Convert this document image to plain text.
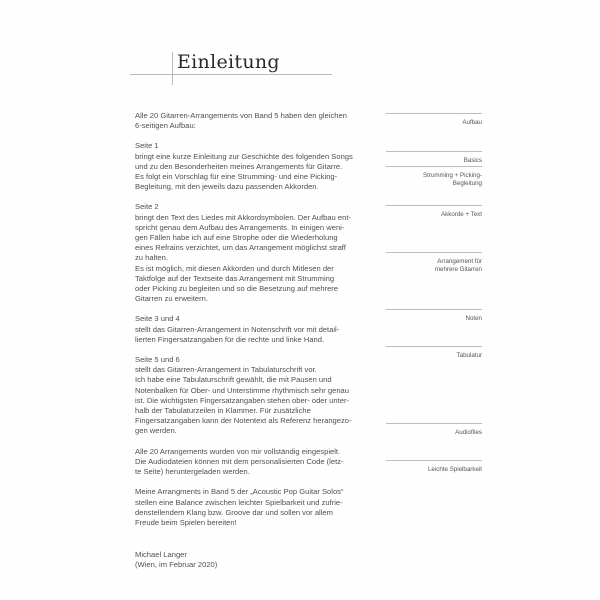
Einleitung
Alle 20 Gitarren-Arrangements von Band 5 haben den gleichen
6-seitigen Aufbau:
Seite 1
bringt eine kurze Einleitung zur Geschichte des folgenden Songs
und zu den Besonderheiten meines Arrangements für Gitarre.
Es folgt ein Vorschlag für eine Strumming- und eine Picking-
Begleitung, mit den jeweils dazu passenden Akkorden.
Seite 2
bringt den Text des Liedes mit Akkordsymbolen. Der Aufbau ent-
spricht genau dem Aufbau des Arrangements. In einigen weni-
gen Fällen habe ich auf eine Strophe oder die Wiederholung
eines Refrains verzichtet, um das Arrangement möglichst straff
zu halten.
Es ist möglich, mit diesen Akkorden und durch Mitlesen der
Taktfolge auf der Textseite das Arrangement mit Strumming
oder Picking zu begleiten und so die Besetzung auf mehrere
Gitarren zu erweitern.
Seite 3 und 4
stellt das Gitarren-Arrangement in Notenschrift vor mit detail-
lierten Fingersatzangaben für die rechte und linke Hand.
Seite 5 und 6
stellt das Gitarren-Arrangement in Tabulaturschrift vor.
Ich habe eine Tabulaturschrift gewählt, die mit Pausen und
Notenbalken für Ober- und Unterstimme rhythmisch sehr genau
ist. Die wichtigsten Fingersatzangaben stehen ober- oder unter-
halb der Tabulaturzeilen in Klammer. Für zusätzliche
Fingersatzangaben kann der Notentext als Referenz herangezo-
gen werden.
Alle 20 Arrangements wurden von mir vollständig eingespielt.
Die Audiodateien können mit dem personalisierten Code (letz-
te Seite) heruntergeladen werden.
Meine Arrangments in Band 5 der „Acoustic Pop Guitar Solos“
stellen eine Balance zwischen leichter Spielbarkeit und zufrie-
denstellendem Klang bzw. Groove dar und sollen vor allem
Freude beim Spielen bereiten!
Michael Langer
(Wien, im Februar 2020)
Aufbau
Basics
Strumming + Picking-
Begleitung
Akkorde + Text
Arrangement für
mehrere Gitarren
Noten
Tabulatur
Audiofiles
Leichte Spielbarkeit
